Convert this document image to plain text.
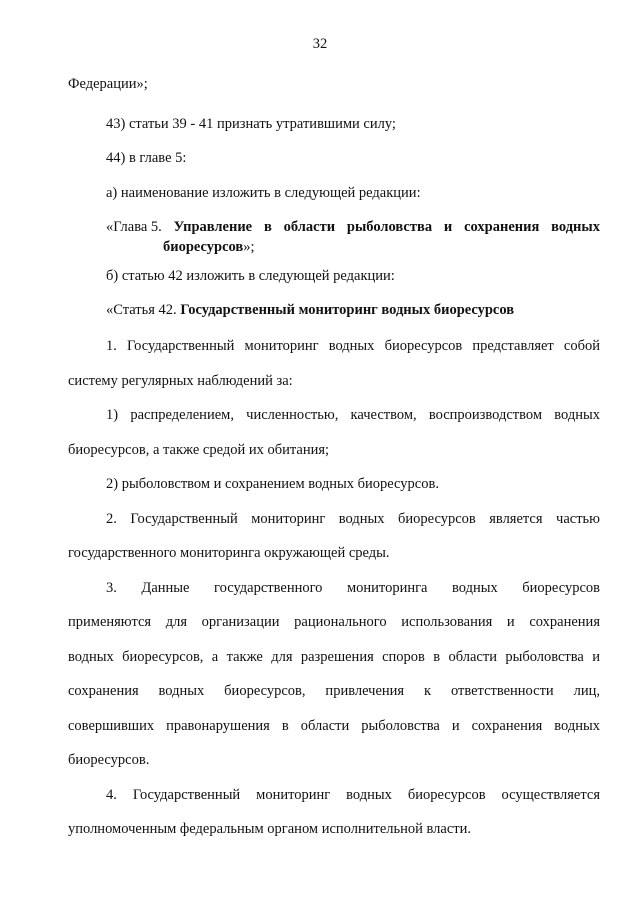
32

Федерации»;

43) статьи 39 - 41 признать утратившими силу;

44) в главе 5:

а) наименование изложить в следующей редакции:

«Глава 5. Управление в области рыболовства и сохранения водных
биоресурсов»;

б) статью 42 изложить в следующей редакции:

«Статья 42. Государственный мониторинг водных биоресурсов

1. Государственный мониторинг водных биоресурсов представляет собой

систему регулярных наблюдений за:

1) распределением, численностью, качеством, воспроизводством водных

биоресурсов, а также средой их обитания;

2) рыболовством и сохранением водных биоресурсов.

2. Государственный мониторинг водных биоресурсов является частью

государственного мониторинга окружающей среды.

3. Данные государственного мониторинга водных биоресурсов

применяются для организации рационального использования и сохранения

водных биоресурсов, а также для разрешения споров в области рыболовства и

сохранения водных биоресурсов, привлечения к ответственности лиц,

совершивших правонарушения в области рыболовства и сохранения водных

биоресурсов.

4. Государственный мониторинг водных биоресурсов осуществляется

уполномоченным федеральным органом исполнительной власти.
